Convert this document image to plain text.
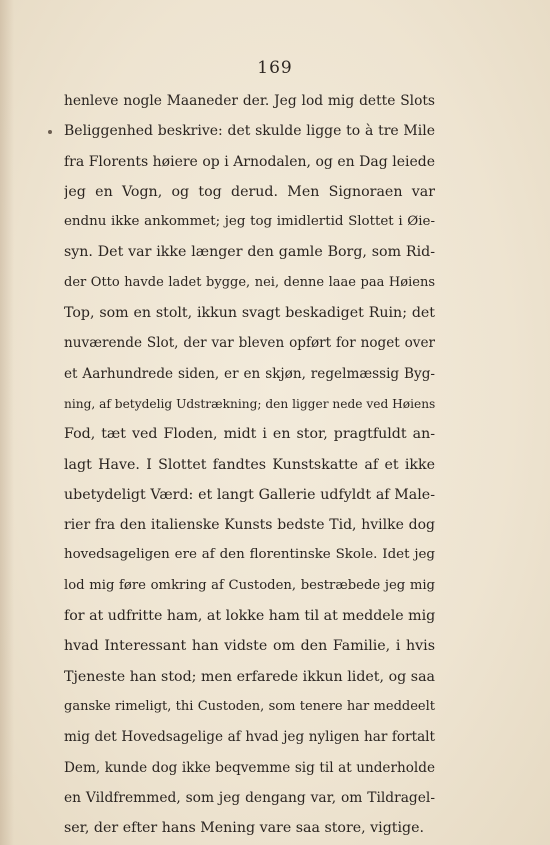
169
henleve nogle Maaneder der. Jeg lod mig dette Slots
Beliggenhed beskrive: det skulde ligge to à tre Mile
fra Florents høiere op i Arnodalen, og en Dag leiede
jeg en Vogn, og tog derud. Men Signoraen var
endnu ikke ankommet; jeg tog imidlertid Slottet i Øie-
syn. Det var ikke længer den gamle Borg, som Rid-
der Otto havde ladet bygge, nei, denne laae paa Høiens
Top, som en stolt, ikkun svagt beskadiget Ruin; det
nuværende Slot, der var bleven opført for noget over
et Aarhundrede siden, er en skjøn, regelmæssig Byg-
ning, af betydelig Udstrækning; den ligger nede ved Høiens
Fod, tæt ved Floden, midt i en stor, pragtfuldt an-
lagt Have. I Slottet fandtes Kunstskatte af et ikke
ubetydeligt Værd: et langt Gallerie udfyldt af Male-
rier fra den italienske Kunsts bedste Tid, hvilke dog
hovedsageligen ere af den florentinske Skole. Idet jeg
lod mig føre omkring af Custoden, bestræbede jeg mig
for at udfritte ham, at lokke ham til at meddele mig
hvad Interessant han vidste om den Familie, i hvis
Tjeneste han stod; men erfarede ikkun lidet, og saa
ganske rimeligt, thi Custoden, som tenere har meddeelt
mig det Hovedsagelige af hvad jeg nyligen har fortalt
Dem, kunde dog ikke beqvemme sig til at underholde
en Vildfremmed, som jeg dengang var, om Tildragel-
ser, der efter hans Mening vare saa store, vigtige.
